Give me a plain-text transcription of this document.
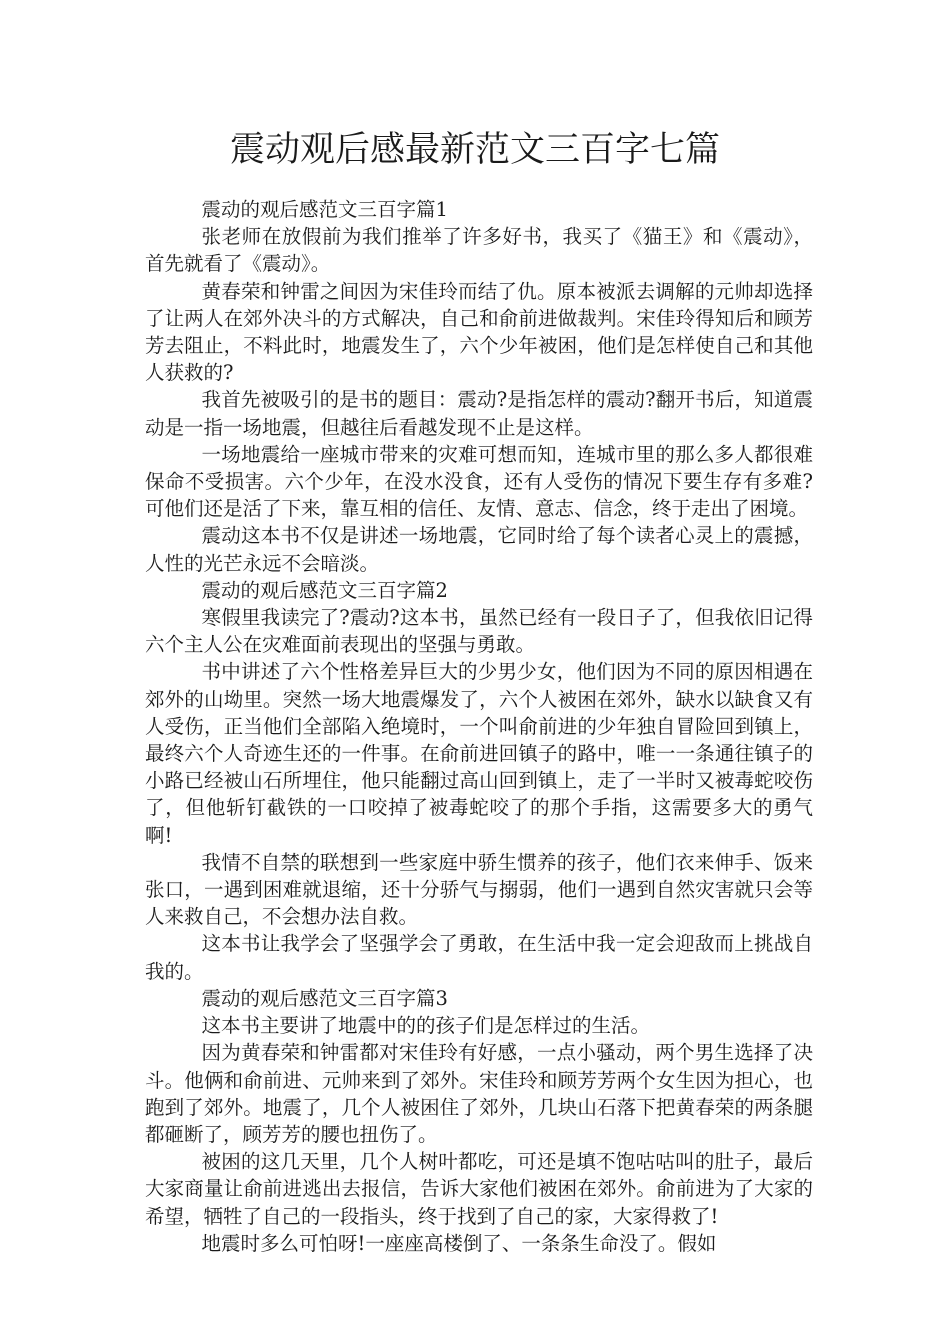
震动观后感最新范文三百字七篇

震动的观后感范文三百字篇1

张老师在放假前为我们推举了许多好书，我买了《猫王》和《震动》，首先就看了《震动》。

黄春荣和钟雷之间因为宋佳玲而结了仇。原本被派去调解的元帅却选择了让两人在郊外决斗的方式解决，自己和俞前进做裁判。宋佳玲得知后和顾芳芳去阻止，不料此时，地震发生了，六个少年被困，他们是怎样使自己和其他人获救的?

我首先被吸引的是书的题目：震动?是指怎样的震动?翻开书后，知道震动是一指一场地震，但越往后看越发现不止是这样。

一场地震给一座城市带来的灾难可想而知，连城市里的那么多人都很难保命不受损害。六个少年，在没水没食，还有人受伤的情况下要生存有多难?可他们还是活了下来，靠互相的信任、友情、意志、信念，终于走出了困境。

震动这本书不仅是讲述一场地震，它同时给了每个读者心灵上的震撼，人性的光芒永远不会暗淡。

震动的观后感范文三百字篇2

寒假里我读完了?震动?这本书，虽然已经有一段日子了，但我依旧记得六个主人公在灾难面前表现出的坚强与勇敢。

书中讲述了六个性格差异巨大的少男少女，他们因为不同的原因相遇在郊外的山坳里。突然一场大地震爆发了，六个人被困在郊外，缺水以缺食又有人受伤，正当他们全部陷入绝境时，一个叫俞前进的少年独自冒险回到镇上，最终六个人奇迹生还的一件事。在俞前进回镇子的路中，唯一一条通往镇子的小路已经被山石所埋住，他只能翻过高山回到镇上，走了一半时又被毒蛇咬伤了，但他斩钉截铁的一口咬掉了被毒蛇咬了的那个手指，这需要多大的勇气啊!

我情不自禁的联想到一些家庭中骄生惯养的孩子，他们衣来伸手、饭来张口，一遇到困难就退缩，还十分骄气与搦弱，他们一遇到自然灾害就只会等人来救自己，不会想办法自救。

这本书让我学会了坚强学会了勇敢，在生活中我一定会迎敌而上挑战自我的。

震动的观后感范文三百字篇3

这本书主要讲了地震中的的孩子们是怎样过的生活。

因为黄春荣和钟雷都对宋佳玲有好感，一点小骚动，两个男生选择了决斗。他俩和俞前进、元帅来到了郊外。宋佳玲和顾芳芳两个女生因为担心，也跑到了郊外。地震了，几个人被困住了郊外，几块山石落下把黄春荣的两条腿都砸断了，顾芳芳的腰也扭伤了。

被困的这几天里，几个人树叶都吃，可还是填不饱咕咕叫的肚子，最后大家商量让俞前进逃出去报信，告诉大家他们被困在郊外。俞前进为了大家的希望，牺牲了自己的一段指头，终于找到了自己的家，大家得救了!

地震时多么可怕呀!一座座高楼倒了、一条条生命没了。假如
